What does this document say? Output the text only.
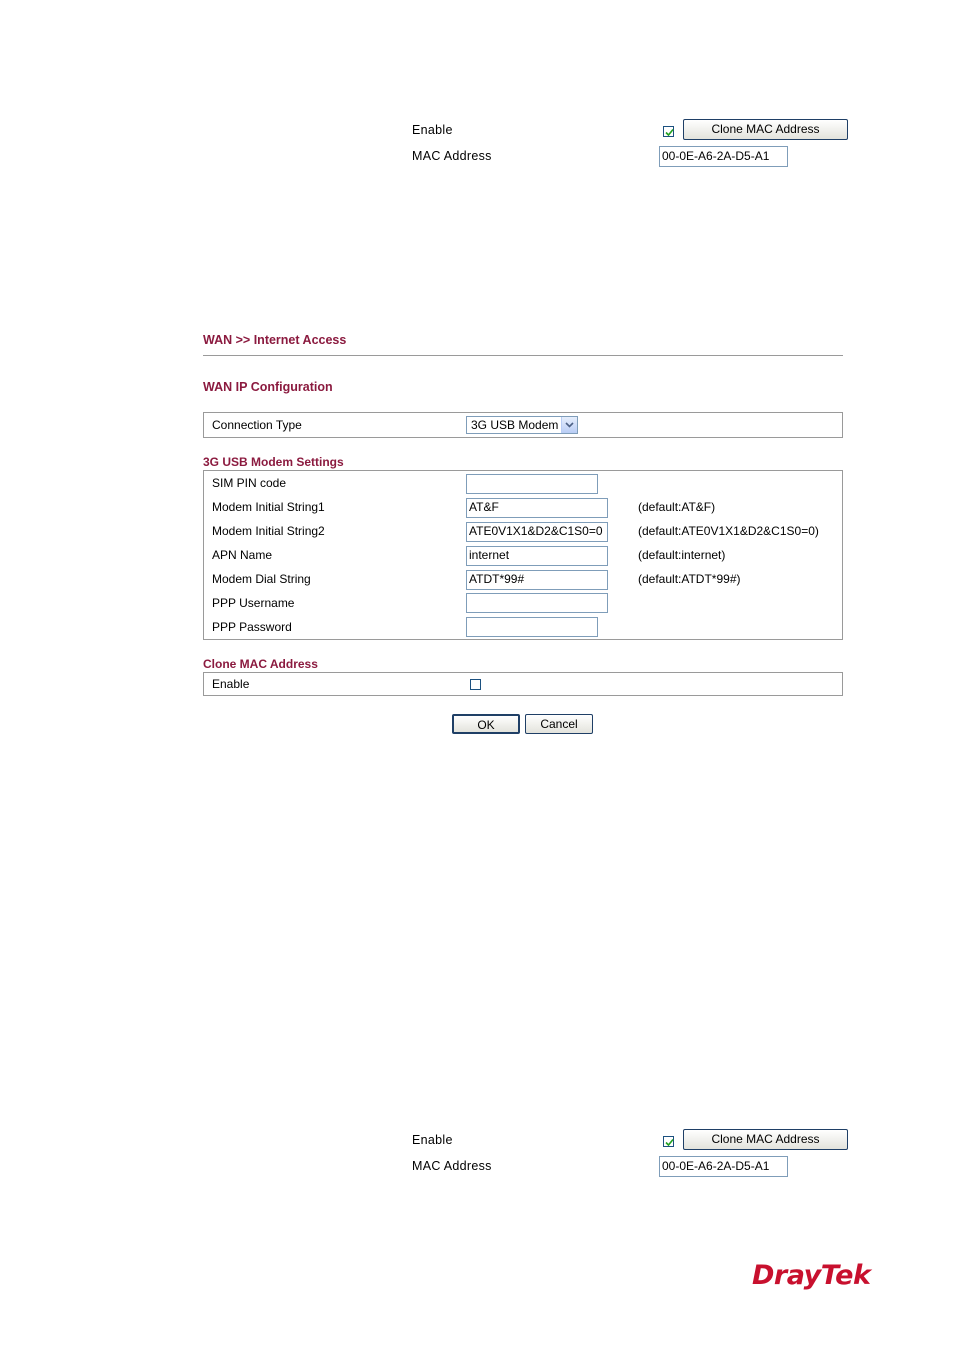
Enable	Clone MAC Address
MAC Address	00-0E-A6-2A-D5-A1
WAN >> Internet Access
WAN IP Configuration
Connection Type	3G USB Modem
3G USB Modem Settings
SIM PIN code
Modem Initial String1	AT&F	(default:AT&F)
Modem Initial String2	ATE0V1X1&D2&C1S0=0	(default:ATE0V1X1&D2&C1S0=0)
APN Name	internet	(default:internet)
Modem Dial String	ATDT*99#	(default:ATDT*99#)
PPP Username
PPP Password
Clone MAC Address
Enable
OK	Cancel
Enable	Clone MAC Address
MAC Address	00-0E-A6-2A-D5-A1
DrayTek
